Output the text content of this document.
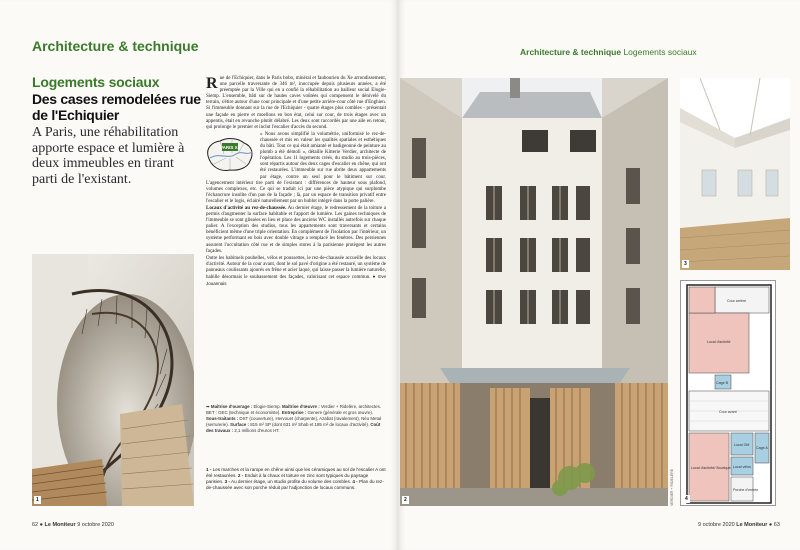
Architecture & technique
Logements sociaux
Des cases remodelées rue de l'Echiquier
A Paris, une réhabilitation apporte espace et lumière à deux immeubles en tirant parti de l'existant.

Rue de l'Echiquier, dans le Paris bobo, minéral et faubourien du Xe arrondissement, une parcelle traversante de 346 m², inoccupée depuis plusieurs années, a été préemptée par la Ville qui en a confié la réhabilitation au bailleur social Elogie-Siemp. L'ensemble, bâti sur de hautes caves voûtées qui compensent le dénivelé du terrain, s'étire autour d'une cour principale et d'une petite arrière-cour côté rue d'Enghien. Si l'immeuble donnant sur la rue de l'Echiquier - quatre étages plus combles - présentait une façade en pierre et moellons en bon état, celui sur cour, de trois étages avec un appentis, était en revanche plutôt délabré. Les deux sont raccordés par une aile en retour, qui prolonge le premier et inclut l'escalier d'accès du second.

PARIS Xe

« Nous avons simplifié la volumétrie, uniformisé le rez-de-chaussée et mis en valeur les qualités spatiales et esthétiques du bâti. Tout ce qui était amianté et badigeonné de peinture au plomb a été démoli », détaille Kitterie Verdier, architecte de l'opération. Les 11 logements créés, du studio au trois-pièces, sont répartis autour des deux cages d'escalier en chêne, qui ont été restaurées. L'immeuble sur rue abrite deux appartements par étage, contre un seul pour le bâtiment sur cour. L'agencement intérieur tire parti de l'existant : différences de hauteur sous plafond, volumes complexes, etc. Ce qui se traduit ici par une pièce atypique qui surplombe l'échancrure insolite d'un pan de la façade ; là, par un espace de transition privatif entre l'escalier et le logis, éclairé naturellement par un hublot intégré dans la porte palière.

Locaux d'activité au rez-de-chaussée. Au dernier étage, le redressement de la toiture a permis d'augmenter la surface habitable et l'apport de lumière. Les gaines techniques de l'immeuble se sont glissées en lieu et place des anciens WC installés autrefois sur chaque palier. A l'exception des studios, tous les appartements sont traversants et certains bénéficient même d'une triple orientation. En complément de l'isolation par l'intérieur, un système performant en bois avec double vitrage a remplacé les fenêtres. Des persiennes assurent l'occultation côté rue et de simples stores à la parisienne protègent les autres façades.

Outre les habituels poubelles, vélos et poussettes, le rez-de-chaussée accueille des locaux d'activité. Autour de la cour avant, dont le sol pavé d'origine a été restauré, un système de panneaux coulissants ajourés en frêne et acier laqué, qui laisse passer la lumière naturelle, habille désormais le soubassement des façades, valorisant cet espace commun. ● Eve Jouannais

➥ Maîtrise d'ouvrage : Elogie-Siemp. Maîtrise d'œuvre : Verdier + Ridelère, architectes. BET : GEC (technique et économiste). Entreprise : Genere (générale et gros œuvre). Sous-traitants : DST (couverture), Hervouet (charpente), Azabat (ravalement), Néo Metal (serrurerie). Surface : 815 m² SP (dont 631 m² Shab et 185 m² de locaux d'activité). Coût des travaux : 2,1 millions d'euros HT.
1 - Les marches et la rampe en chêne ainsi que les céramiques au sol de l'escalier A ont été restaurées. 2 - Enduit à la chaux et toiture en zinc sont typiques du paysage parisien. 3 - Au dernier étage, un studio profite du volume des combles. 4 - Plan du rez-de-chaussée avec son porche réduit par l'adjonction de locaux communs.
1
62 ● Le Moniteur 9 octobre 2020
Architecture & technique Logements sociaux
2	VERDIER + RIDELÈRE
3
Cour arrière
Local d'activité
Cage B
Cour avant
Local d'activité/ Boutique
Local OM
Local vélos
Porche d'entrée
Cage A
4
9 octobre 2020 Le Moniteur ● 63
